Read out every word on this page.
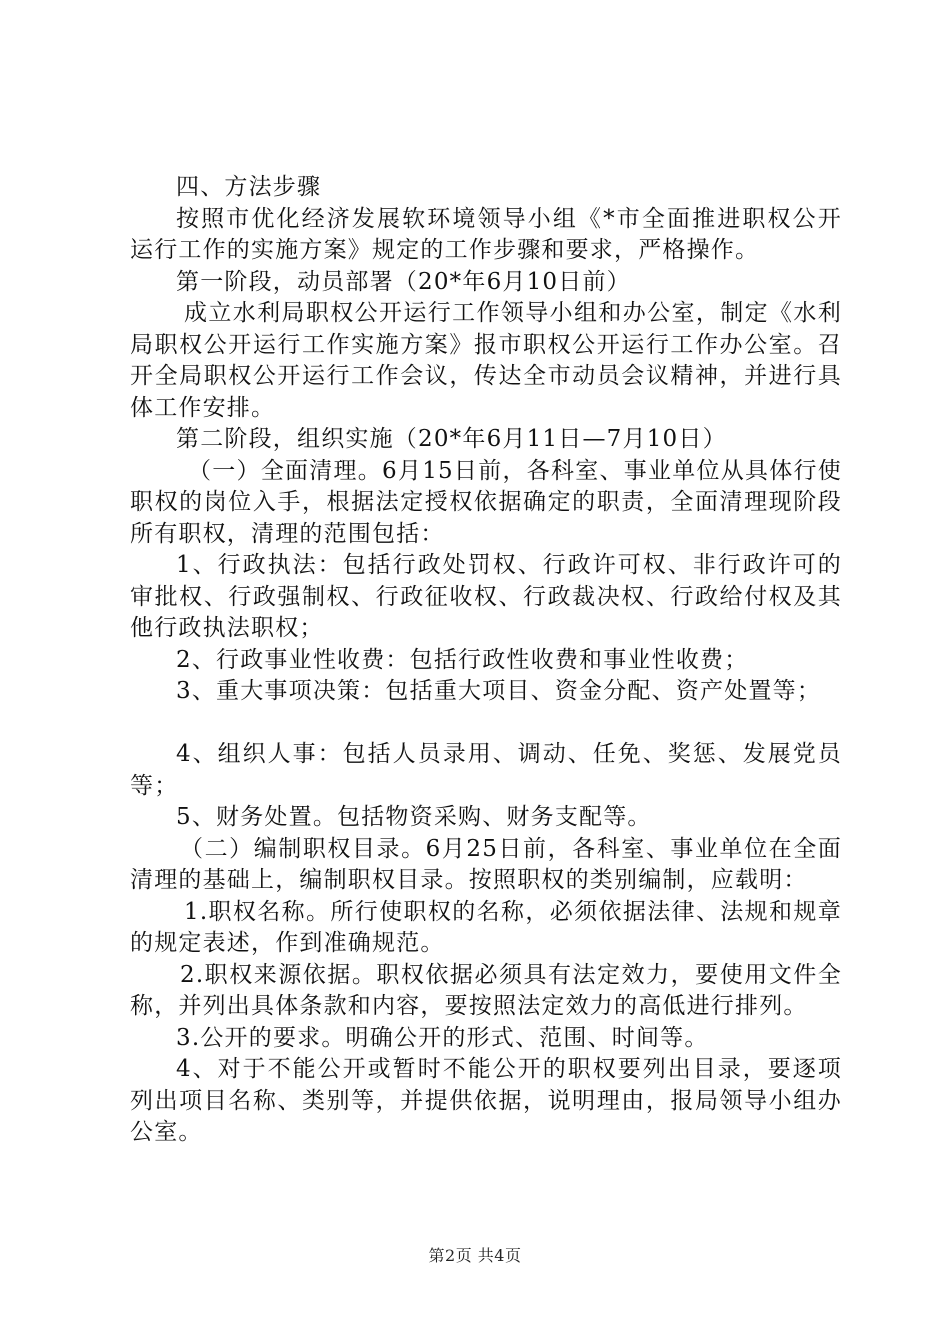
四、方法步骤

按照市优化经济发展软环境领导小组《*市全面推进职权公开运行工作的实施方案》规定的工作步骤和要求，严格操作。

第一阶段，动员部署（20*年6月10日前）

成立水利局职权公开运行工作领导小组和办公室，制定《水利局职权公开运行工作实施方案》报市职权公开运行工作办公室。召开全局职权公开运行工作会议，传达全市动员会议精神，并进行具体工作安排。

第二阶段，组织实施（20*年6月11日—7月10日）

（一）全面清理。6月15日前，各科室、事业单位从具体行使职权的岗位入手，根据法定授权依据确定的职责，全面清理现阶段所有职权，清理的范围包括：

1、行政执法：包括行政处罚权、行政许可权、非行政许可的审批权、行政强制权、行政征收权、行政裁决权、行政给付权及其他行政执法职权；

2、行政事业性收费：包括行政性收费和事业性收费；

3、重大事项决策：包括重大项目、资金分配、资产处置等；

4、组织人事：包括人员录用、调动、任免、奖惩、发展党员等；

5、财务处置。包括物资采购、财务支配等。

（二）编制职权目录。6月25日前，各科室、事业单位在全面清理的基础上，编制职权目录。按照职权的类别编制，应载明：

1.职权名称。所行使职权的名称，必须依据法律、法规和规章的规定表述，作到准确规范。

2.职权来源依据。职权依据必须具有法定效力，要使用文件全称，并列出具体条款和内容，要按照法定效力的高低进行排列。

3.公开的要求。明确公开的形式、范围、时间等。

4、对于不能公开或暂时不能公开的职权要列出目录，要逐项列出项目名称、类别等，并提供依据，说明理由，报局领导小组办公室。

第2页 共4页
